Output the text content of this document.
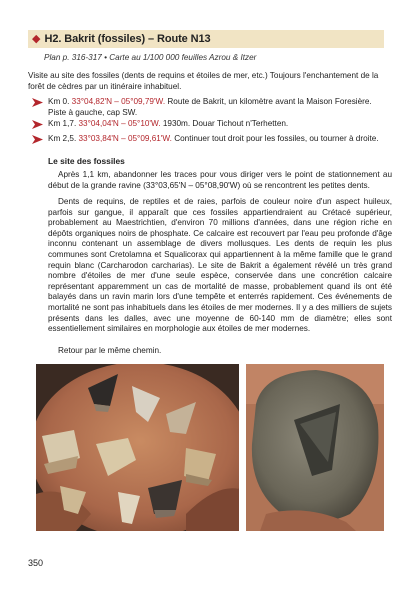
◆ H2. Bakrit (fossiles) – Route N13
Plan p. 316-317 • Carte au 1/100 000 feuilles Azrou & Itzer
Visite au site des fossiles (dents de requins et étoiles de mer, etc.) Toujours l'enchantement de la forêt de cèdres par un itinéraire inhabituel.
Km 0. 33°04,82'N – 05°09,79'W. Route de Bakrit, un kilomètre avant la Maison Foresière. Piste à gauche, cap SW.
Km 1,7. 33°04,04'N – 05°10'W. 1930m. Douar Tichout n'Terhetten.
Km 2,5. 33°03,84'N – 05°09,61'W. Continuer tout droit pour les fossiles, ou tourner à droite.
Le site des fossiles
Après 1,1 km, abandonner les traces pour vous diriger vers le point de stationnement au début de la grande ravine (33°03,65'N – 05°08,90'W) où se rencontrent les petites dents.
Dents de requins, de reptiles et de raies, parfois de couleur noire d'un aspect huileux, parfois sur gangue, il apparaît que ces fossiles appartiendraient au Crétacé supérieur, probablement au Maestrichtien, d'environ 70 millions d'années, dans une région riche en dépôts organiques noirs de phosphate. Ce calcaire est recouvert par l'eau peu profonde d'âge inconnu contenant un assemblage de divers mollusques. Les dents de requin les plus communes sont Cretolamna et Squalicorax qui appartiennent à la même famille que le grand requin blanc (Carcharodon carcharias). Le site de Bakrit a également révélé un très grand nombre d'étoiles de mer d'une seule espèce, conservée dans une concrétion calcaire représentant apparemment un cas de mortalité de masse, probablement quand ils ont été balayés dans un ravin marin lors d'une tempête et enterrés rapidement. Ces événements de mortalité ne sont pas inhabituels dans les étoiles de mer modernes. Il y a des milliers de sujets présents dans les dalles, avec une moyenne de 60-140 mm de diamètre; elles sont essentiellement similaires en morphologie aux étoiles de mer modernes.
Retour par le même chemin.
350
